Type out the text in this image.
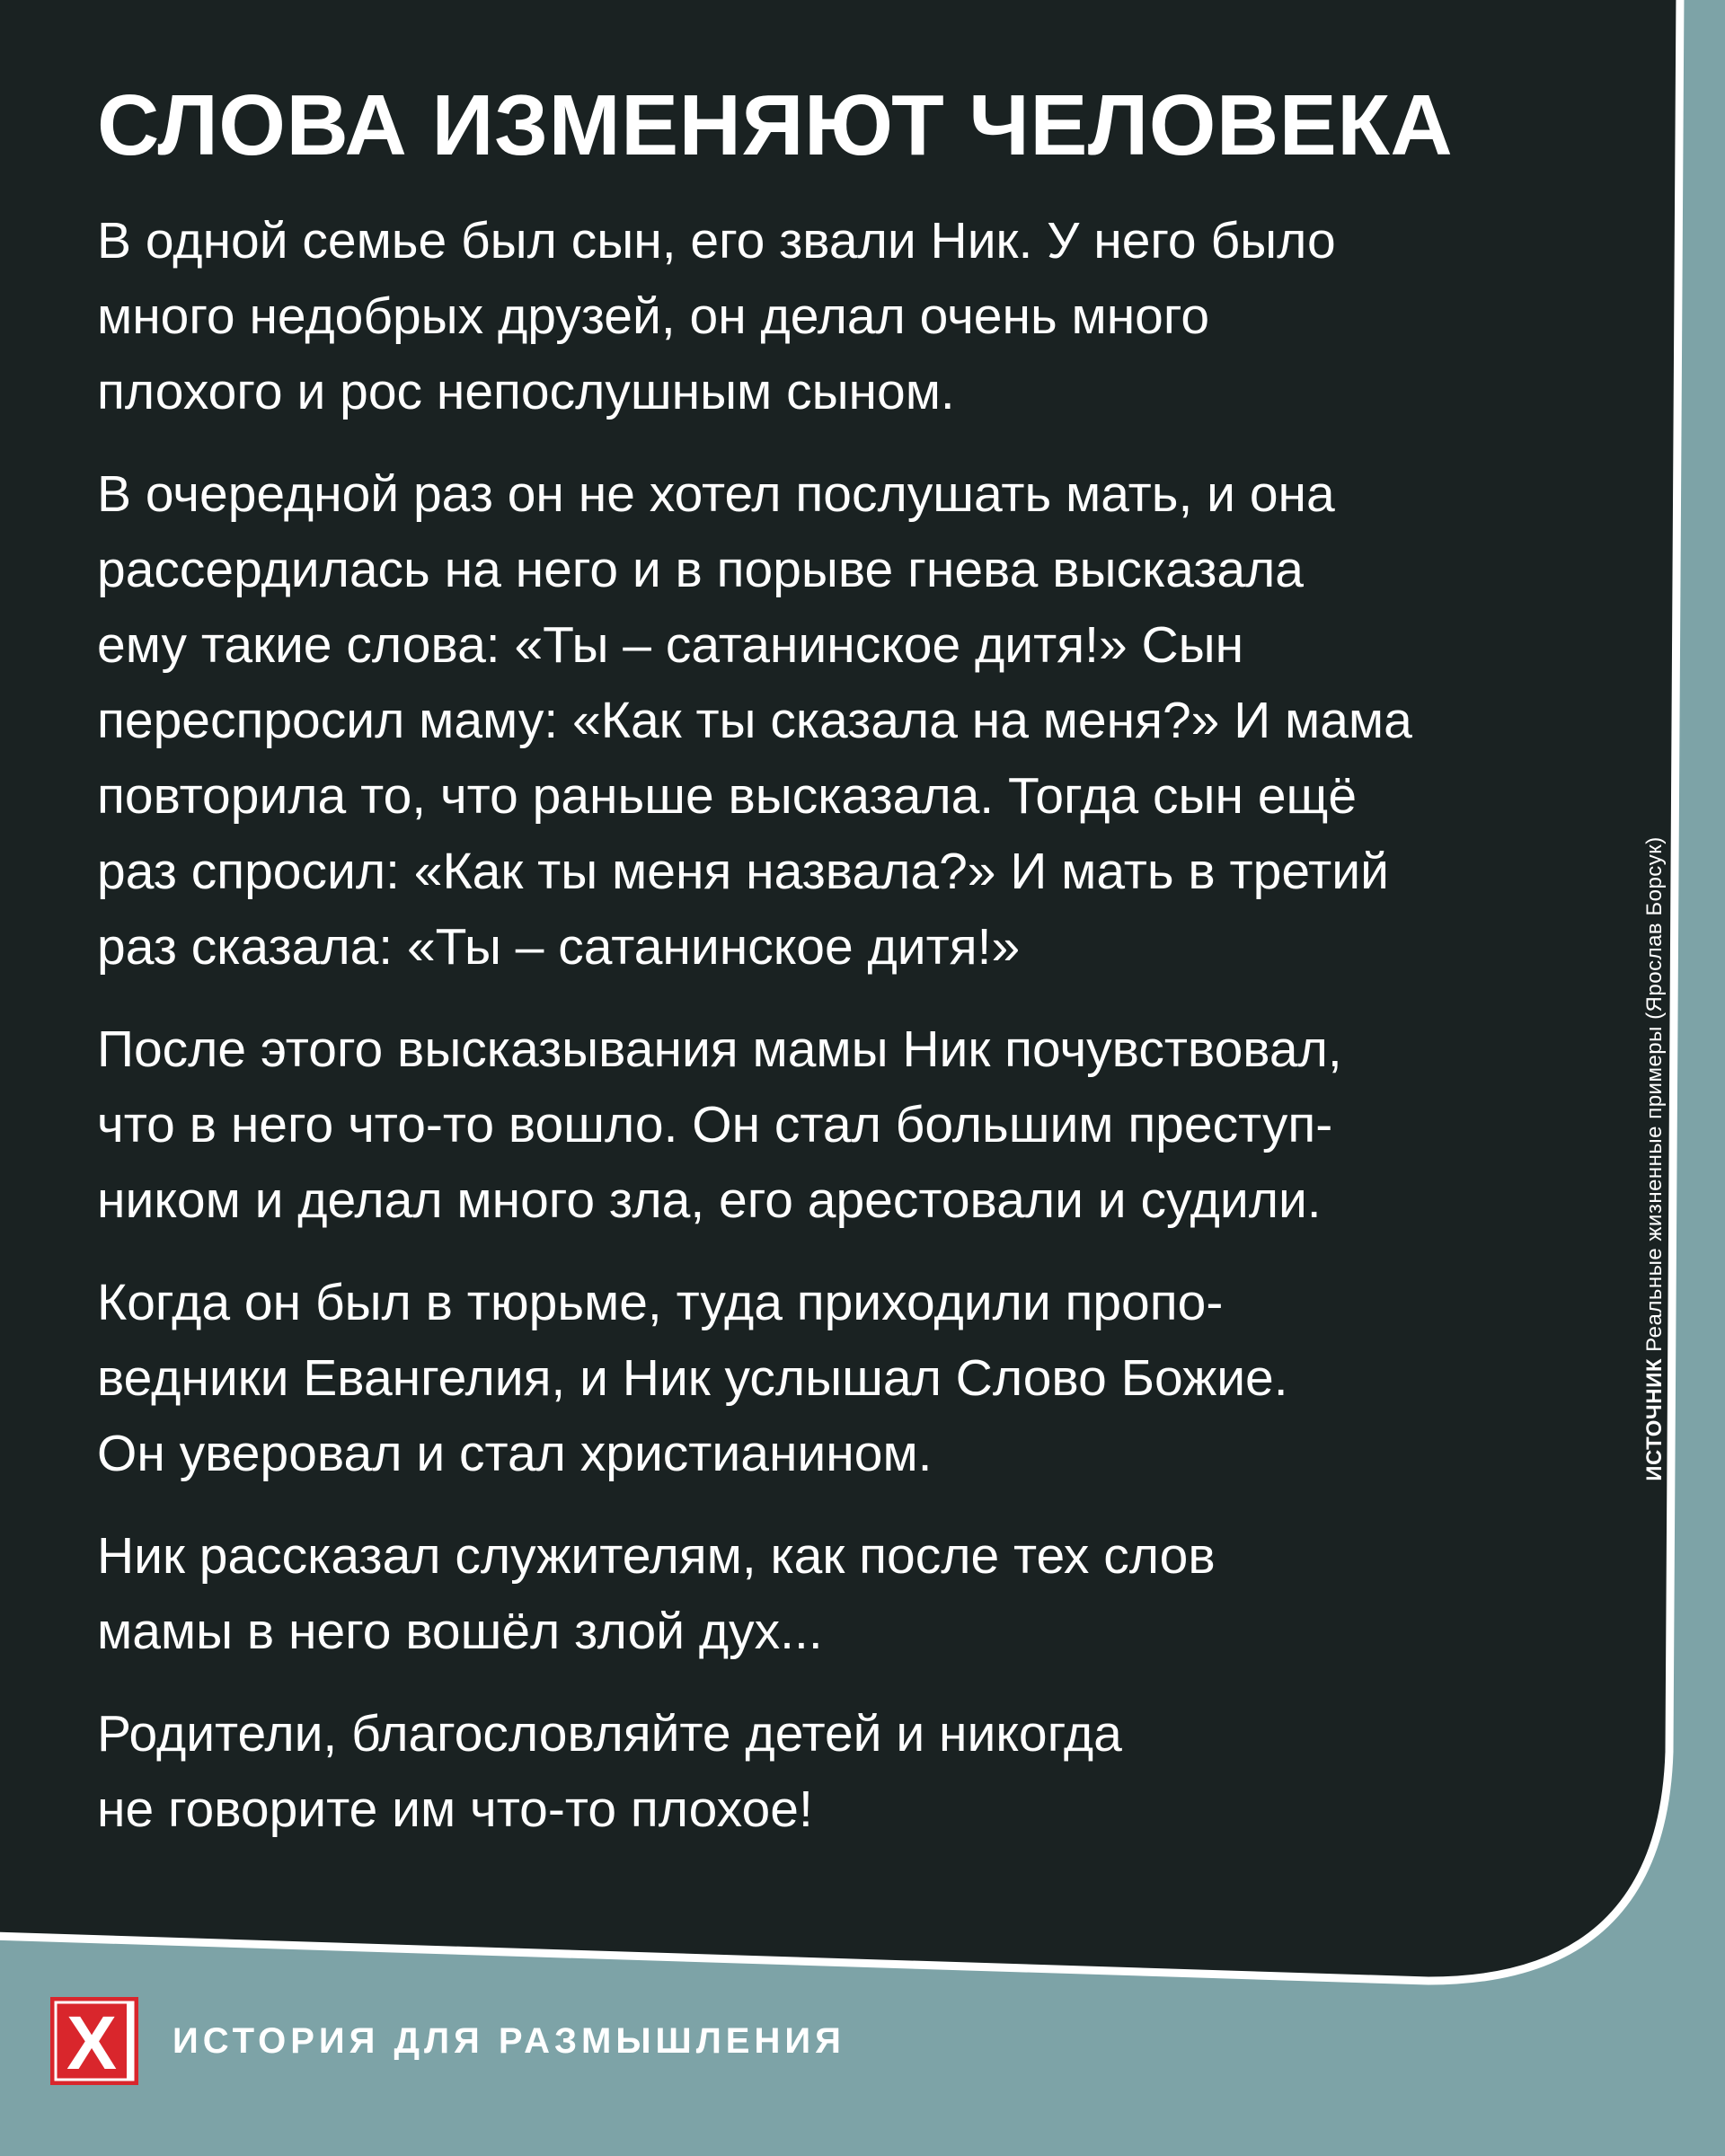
СЛОВА ИЗМЕНЯЮТ ЧЕЛОВЕКА

В одной семье был сын, его звали Ник. У него было
много недобрых друзей, он делал очень много
плохого и рос непослушным сыном.

В очередной раз он не хотел послушать мать, и она
рассердилась на него и в порыве гнева высказала
ему такие слова: «Ты – сатанинское дитя!» Сын
переспросил маму: «Как ты сказала на меня?» И мама
повторила то, что раньше высказала. Тогда сын ещё
раз спросил: «Как ты меня назвала?» И мать в третий
раз сказала: «Ты – сатанинское дитя!»

После этого высказывания мамы Ник почувствовал,
что в него что-то вошло. Он стал большим преступ-
ником и делал много зла, его арестовали и судили.

Когда он был в тюрьме, туда приходили пропо-
ведники Евангелия, и Ник услышал Слово Божие.
Он уверовал и стал христианином.

Ник рассказал служителям, как после тех слов
мамы в него вошёл злой дух...

Родители, благословляйте детей и никогда
не говорите им что-то плохое!

ИСТОЧНИК Реальные жизненные примеры (Ярослав Борсук)
X ИСТОРИЯ ДЛЯ РАЗМЫШЛЕНИЯ
